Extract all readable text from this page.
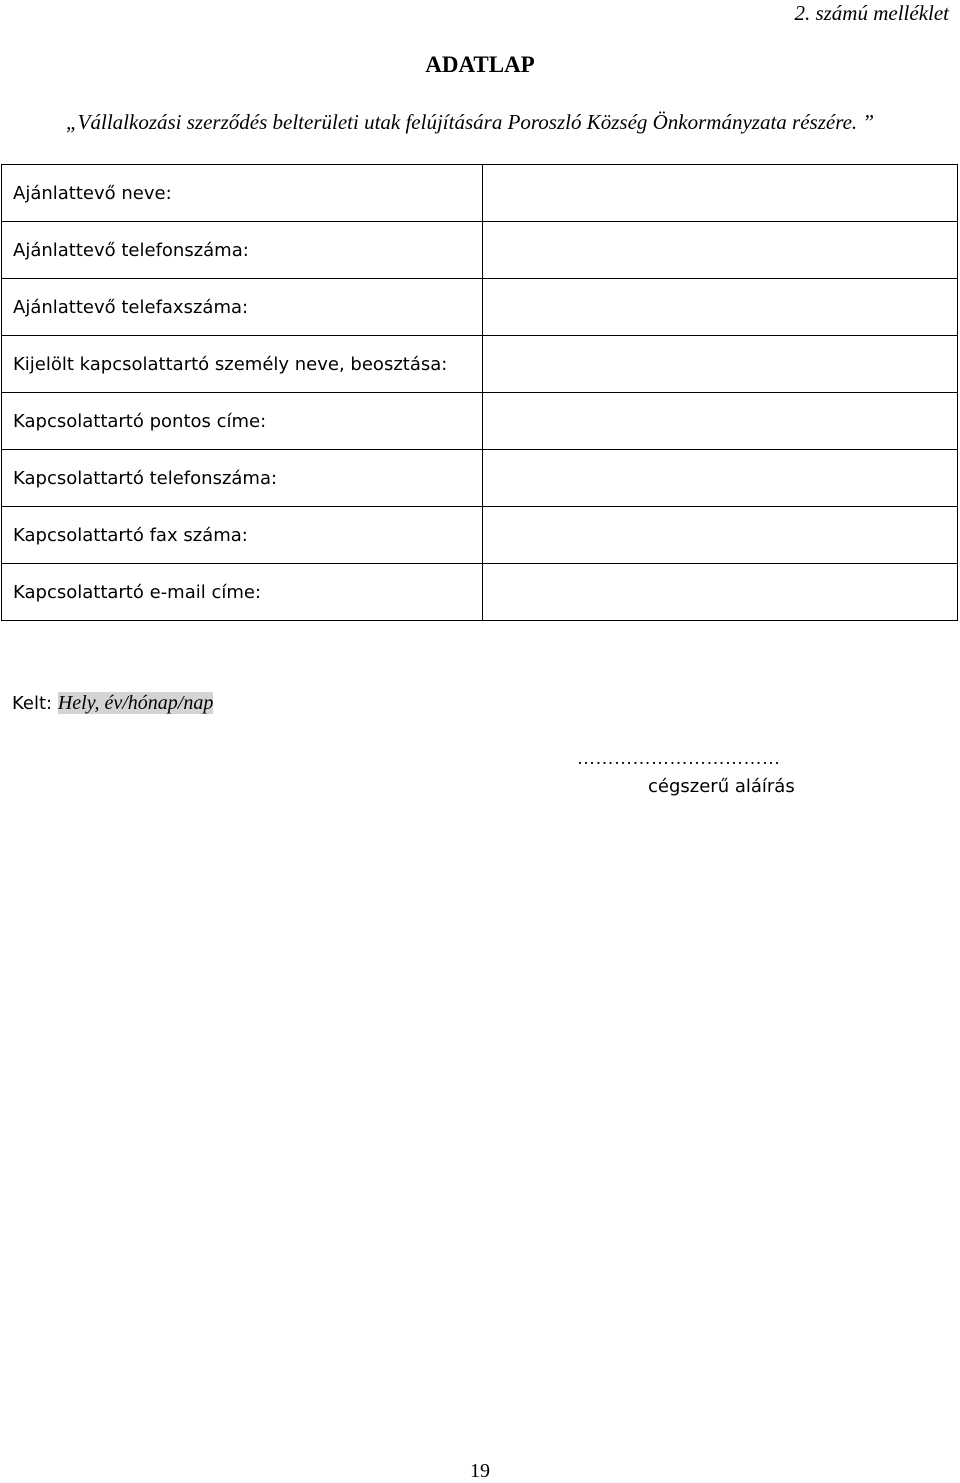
2. számú melléklet
ADATLAP
„Vállalkozási szerződés belterületi utak felújítására Poroszló Község Önkormányzata részére. ”
Ajánlattevő neve:	
Ajánlattevő telefonszáma:	
Ajánlattevő telefaxszáma:	
Kijelölt kapcsolattartó személy neve, beosztása:	
Kapcsolattartó pontos címe:	
Kapcsolattartó telefonszáma:	
Kapcsolattartó fax száma:	
Kapcsolattartó e-mail címe:	
Kelt: Hely, év/hónap/nap
……………………………
cégszerű aláírás
19
